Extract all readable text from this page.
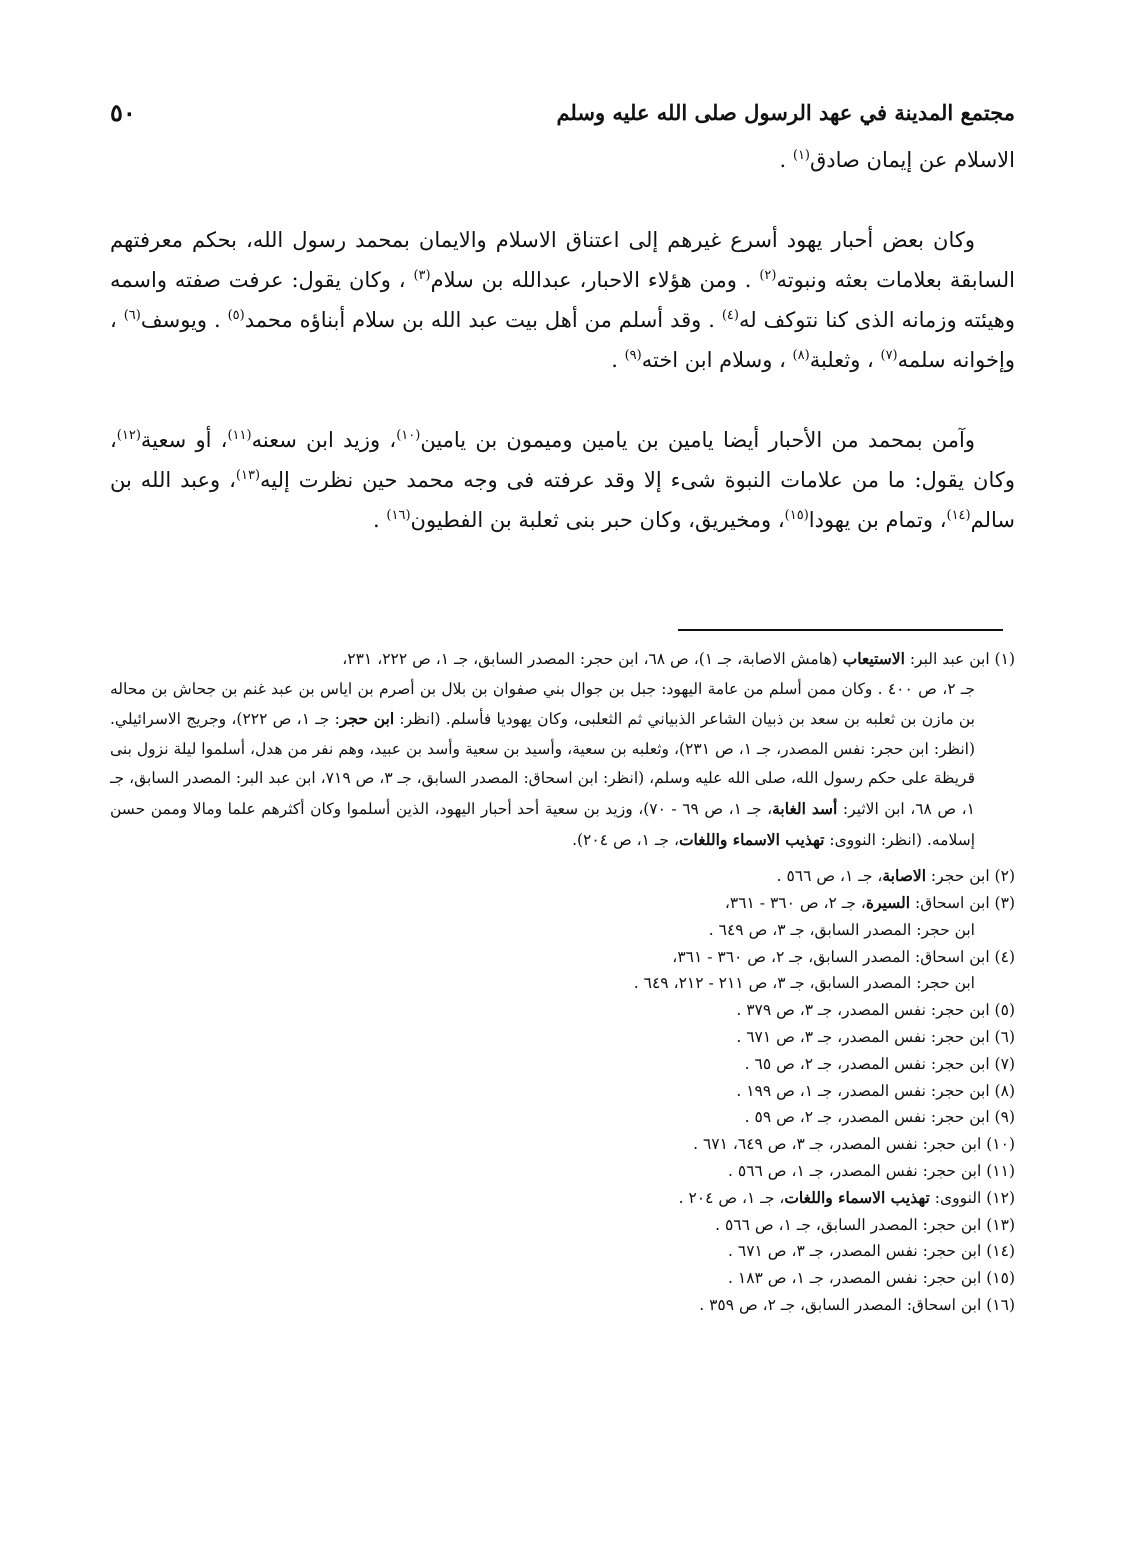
مجتمع المدينة في عهد الرسول صلى الله عليه وسلم
٥٠

الاسلام عن إيمان صادق$^{(١)}$ .

وكان بعض أحبار يهود أسرع غيرهم إلى اعتناق الاسلام والايمان بمحمد رسول الله، بحكم معرفتهم السابقة بعلامات بعثه ونبوته$^{(٢)}$ . ومن هؤلاء الاحبار، عبدالله بن سلام$^{(٣)}$ ، وكان يقول: عرفت صفته واسمه وهيئته وزمانه الذى كنا نتوكف له$^{(٤)}$ . وقد أسلم من أهل بيت عبد الله بن سلام أبناؤه محمد$^{(٥)}$ . ويوسف$^{(٦)}$ ، وإخوانه سلمه$^{(٧)}$ ، وثعلبة$^{(٨)}$ ، وسلام ابن اخته$^{(٩)}$ .

وآمن بمحمد من الأحبار أيضا يامين بن يامين وميمون بن يامين$^{(١٠)}$، وزيد ابن سعنه$^{(١١)}$، أو سعية$^{(١٢)}$، وكان يقول: ما من علامات النبوة شىء إلا وقد عرفته فى وجه محمد حين نظرت إليه$^{(١٣)}$، وعبد الله بن سالم$^{(١٤)}$، وتمام بن يهودا$^{(١٥)}$، ومخيريق، وكان حبر بنى ثعلبة بن الفطيون$^{(١٦)}$ .

(١) ابن عبد البر: الاستيعاب (هامش الاصابة، جـ ١)، ص ٦٨، ابن حجر: المصدر السابق، جـ ١، ص ٢٢٢، ٢٣١،
جـ ٢، ص ٤٠٠ . وكان ممن أسلم من عامة اليهود: جبل بن جوال بني صفوان بن بلال بن أصرم بن اياس بن عبد غنم بن جحاش بن محاله بن مازن بن ثعلبه بن سعد بن ذبيان الشاعر الذبياني ثم الثعلبى، وكان يهوديا فأسلم. (انظر: ابن حجر: جـ ١، ص ٢٢٢)، وجريج الاسرائيلي. (انظر: ابن حجر: نفس المصدر، جـ ١، ص ٢٣١)، وثعلبه بن سعية، وأسيد بن سعية وأسد بن عبيد، وهم نفر من هدل، أسلموا ليلة نزول بنى قريظة على حكم رسول الله، صلى الله عليه وسلم، (انظر: ابن اسحاق: المصدر السابق، جـ ٣، ص ٧١٩، ابن عبد البر: المصدر السابق، جـ ١، ص ٦٨، ابن الاثير: أسد الغابة، جـ ١، ص ٦٩ - ٧٠)، وزيد بن سعية أحد أحبار اليهود، الذين أسلموا وكان أكثرهم علما ومالا وممن حسن إسلامه. (انظر: النووى: تهذيب الاسماء واللغات، جـ ١، ص ٢٠٤).

(٢) ابن حجر: الاصابة، جـ ١، ص ٥٦٦ .

(٣) ابن اسحاق: السيرة، جـ ٢، ص ٣٦٠ - ٣٦١،

ابن حجر: المصدر السابق، جـ ٣، ص ٦٤٩ .

(٤) ابن اسحاق: المصدر السابق، جـ ٢، ص ٣٦٠ - ٣٦١،

ابن حجر: المصدر السابق، جـ ٣، ص ٢١١ - ٢١٢، ٦٤٩ .

(٥) ابن حجر: نفس المصدر، جـ ٣، ص ٣٧٩ .

(٦) ابن حجر: نفس المصدر، جـ ٣، ص ٦٧١ .

(٧) ابن حجر: نفس المصدر، جـ ٢، ص ٦٥ .

(٨) ابن حجر: نفس المصدر، جـ ١، ص ١٩٩ .

(٩) ابن حجر: نفس المصدر، جـ ٢، ص ٥٩ .

(١٠) ابن حجر: نفس المصدر، جـ ٣، ص ٦٤٩، ٦٧١ .

(١١) ابن حجر: نفس المصدر، جـ ١، ص ٥٦٦ .

(١٢) النووى: تهذيب الاسماء واللغات، جـ ١، ص ٢٠٤ .

(١٣) ابن حجر: المصدر السابق، جـ ١، ص ٥٦٦ .

(١٤) ابن حجر: نفس المصدر، جـ ٣، ص ٦٧١ .

(١٥) ابن حجر: نفس المصدر، جـ ١، ص ١٨٣ .

(١٦) ابن اسحاق: المصدر السابق، جـ ٢، ص ٣٥٩ .
